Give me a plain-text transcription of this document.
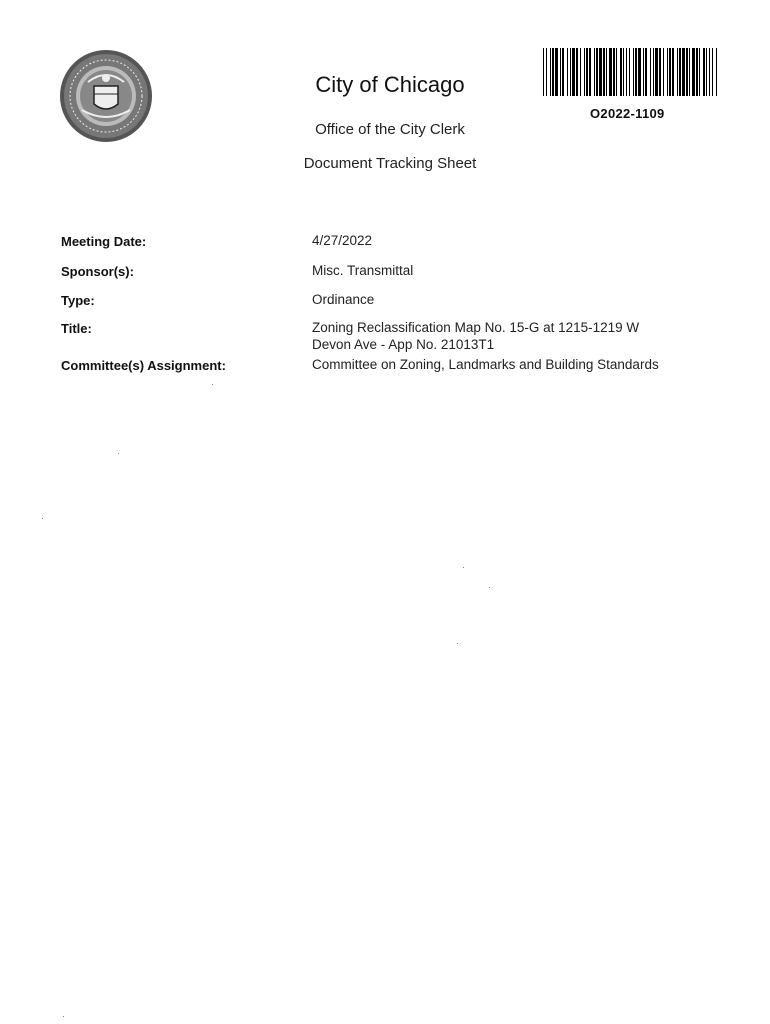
City of Chicago
Office of the City Clerk
Document Tracking Sheet
O2022-1109
Meeting Date:	4/27/2022
Sponsor(s):	Misc. Transmittal
Type:	Ordinance
Title:	Zoning Reclassification Map No. 15-G at 1215-1219 W
Devon Ave - App No. 21013T1
Committee(s) Assignment:	Committee on Zoning, Landmarks and Building Standards
